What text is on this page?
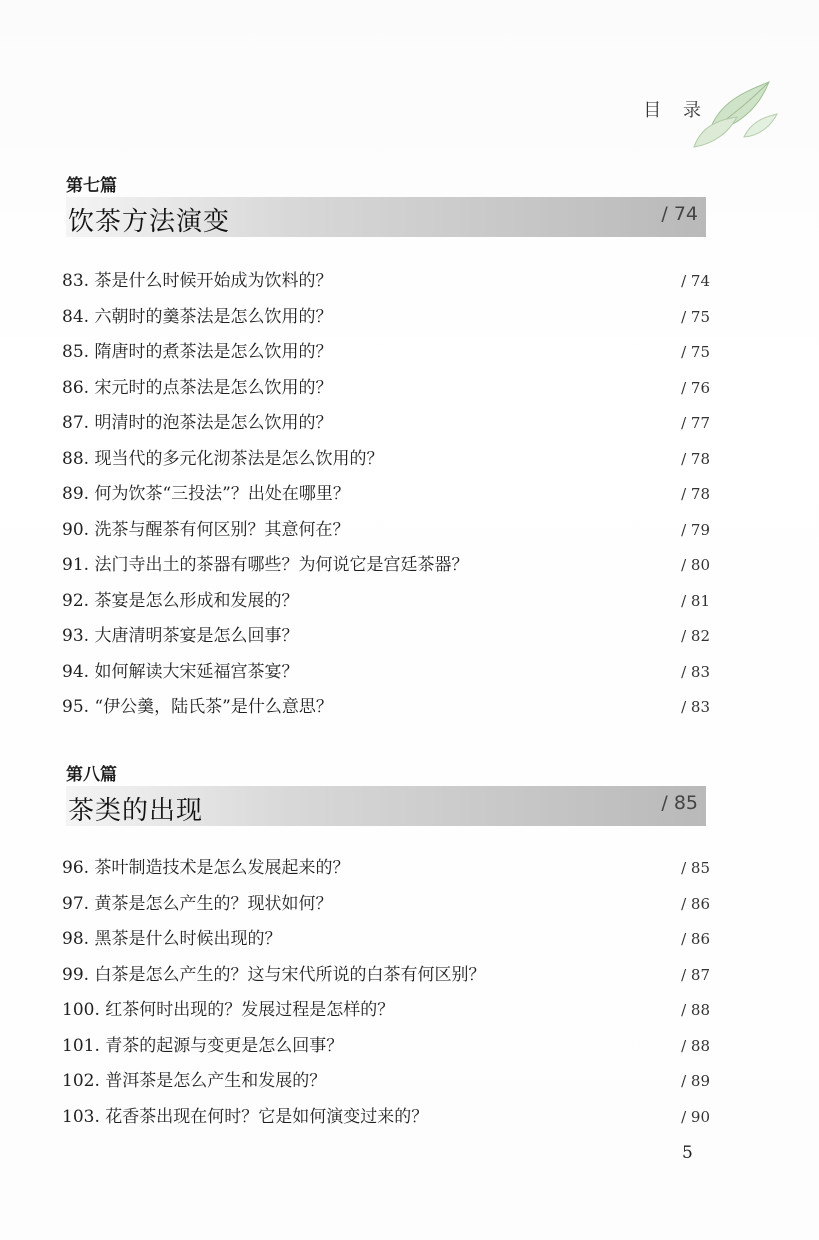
目 录
第七篇
饮茶方法演变	/ 74
83. 茶是什么时候开始成为饮料的？	/ 74
84. 六朝时的羹茶法是怎么饮用的？	/ 75
85. 隋唐时的煮茶法是怎么饮用的？	/ 75
86. 宋元时的点茶法是怎么饮用的？	/ 76
87. 明清时的泡茶法是怎么饮用的？	/ 77
88. 现当代的多元化沏茶法是怎么饮用的？	/ 78
89. 何为饮茶“三投法”？出处在哪里？	/ 78
90. 洗茶与醒茶有何区别？其意何在？	/ 79
91. 法门寺出土的茶器有哪些？为何说它是宫廷茶器？	/ 80
92. 茶宴是怎么形成和发展的？	/ 81
93. 大唐清明茶宴是怎么回事？	/ 82
94. 如何解读大宋延福宫茶宴？	/ 83
95. “伊公羹，陆氏茶”是什么意思？	/ 83
第八篇
茶类的出现	/ 85
96. 茶叶制造技术是怎么发展起来的？	/ 85
97. 黄茶是怎么产生的？现状如何？	/ 86
98. 黑茶是什么时候出现的？	/ 86
99. 白茶是怎么产生的？这与宋代所说的白茶有何区别？	/ 87
100. 红茶何时出现的？发展过程是怎样的？	/ 88
101. 青茶的起源与变更是怎么回事？	/ 88
102. 普洱茶是怎么产生和发展的？	/ 89
103. 花香茶出现在何时？它是如何演变过来的？	/ 90
5
